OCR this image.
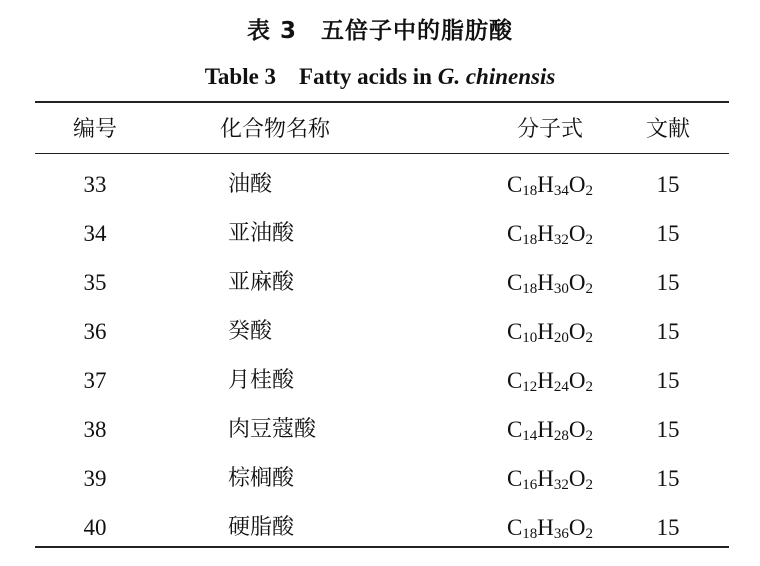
表 3　五倍子中的脂肪酸
Table 3　Fatty acids in G. chinensis
编号	化合物名称	分子式	文献
33	油酸	$C_{18}H_{34}O_2$	15
34	亚油酸	$C_{18}H_{32}O_2$	15
35	亚麻酸	$C_{18}H_{30}O_2$	15
36	癸酸	$C_{10}H_{20}O_2$	15
37	月桂酸	$C_{12}H_{24}O_2$	15
38	肉豆蔻酸	$C_{14}H_{28}O_2$	15
39	棕榈酸	$C_{16}H_{32}O_2$	15
40	硬脂酸	$C_{18}H_{36}O_2$	15
